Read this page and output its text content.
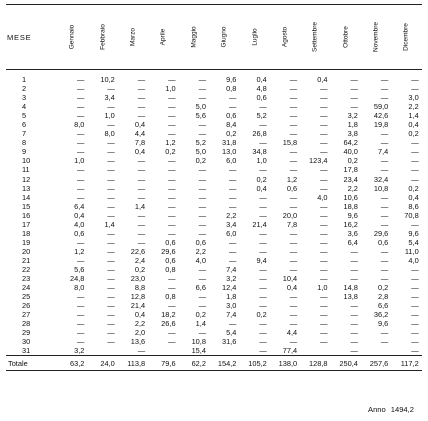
MESE	Gennaio	Febbraio	Marzo	Aprile	Maggio	Giugno	Luglio	Agosto	Settembre	Ottobre	Novembre	Dicembre

1	—	10,2	—	—	—	9,6	0,4	—	0,4	—	—	—
2	—	—	—	1,0	—	0,8	4,8	—	—	—	—	—
3	—	3,4	—	—	—	—	0,6	—	—	—	—	3,0
4	—	—	—	—	5,0	—	—	—	—	—	59,0	2,2
5	—	1,0	—	—	5,6	0,6	5,2	—	—	3,2	42,6	1,4
6	8,0	—	0,4	—	—	8,4	—	—	—	1,8	19,8	0,4
7	—	8,0	4,4	—	—	0,2	26,8	—	—	3,8	—	0,2
8	—	—	7,8	1,2	5,2	31,8	—	15,8	—	64,2	—	—
9	—	—	0,4	0,2	5,0	13,0	34,8	—	—	40,0	7,4	—
10	1,0	—	—	—	0,2	6,0	1,0	—	123,4	0,2	—	—
11	—	—	—	—	—	—	—	—	—	17,8	—	—
12	—	—	—	—	—	—	0,2	1,2	—	23,4	32,4	—
13	—	—	—	—	—	—	0,4	0,6	—	2,2	10,8	0,2
14	—	—	—	—	—	—	—	—	4,0	10,6	—	0,4
15	6,4	—	1,4	—	—	—	—	—	—	18,8	—	8,6
16	0,4	—	—	—	—	2,2	—	20,0	—	9,6	—	70,8
17	4,0	1,4	—	—	—	3,4	21,4	7,8	—	16,2	—	—
18	0,6	—	—	—	—	6,0	—	—	—	3,6	29,6	9,6
19	—	—	—	0,6	0,6	—	—	—	—	6,4	0,6	5,4
20	1,2	—	22,6	29,6	2,2	—	—	—	—	—	—	11,0
21	—	—	2,4	0,6	4,0	—	9,4	—	—	—	—	4,0
22	5,6	—	0,2	0,8	—	7,4	—	—	—	—	—	—
23	24,8	—	23,0	—	—	3,2	—	10,4	—	—	—	—
24	8,0	—	8,8	—	6,6	12,4	—	0,4	1,0	14,8	0,2	—
25	—	—	12,8	0,8	—	1,8	—	—	—	13,8	2,8	—
26	—	—	21,4	—	—	3,0	—	—	—	—	6,6	—
27	—	—	0,4	18,2	0,2	7,4	0,2	—	—	—	36,2	—
28	—	—	2,2	26,6	1,4	—	—	—	—	—	9,6	—
29	—	—	2,0	—	—	5,4	—	4,4	—	—	—	—
30	—	—	13,6	—	10,8	31,6	—	—	—	—	—	—
31	3,2		—		15,4		—	77,4		—		—
Totale	63,2	24,0	113,8	79,6	62,2	154,2	105,2	138,0	128,8	250,4	257,6	117,2
Anno 1494,2
